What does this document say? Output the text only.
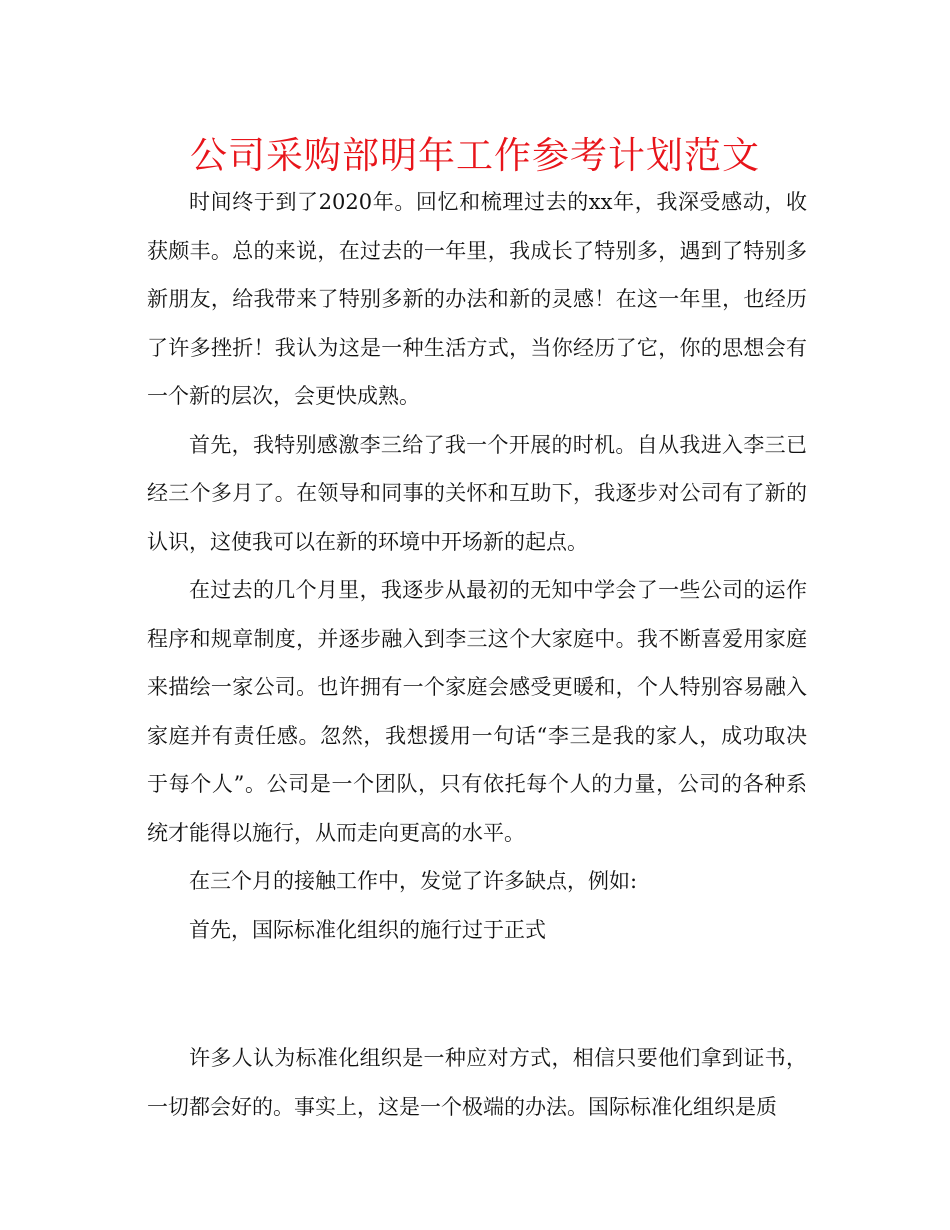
公司采购部明年工作参考计划范文

时间终于到了2020年。回忆和梳理过去的xx年，我深受感动，收获颇丰。总的来说，在过去的一年里，我成长了特别多，遇到了特别多新朋友，给我带来了特别多新的办法和新的灵感！在这一年里，也经历了许多挫折！我认为这是一种生活方式，当你经历了它，你的思想会有一个新的层次，会更快成熟。

首先，我特别感激李三给了我一个开展的时机。自从我进入李三已经三个多月了。在领导和同事的关怀和互助下，我逐步对公司有了新的认识，这使我可以在新的环境中开场新的起点。

在过去的几个月里，我逐步从最初的无知中学会了一些公司的运作程序和规章制度，并逐步融入到李三这个大家庭中。我不断喜爱用家庭来描绘一家公司。也许拥有一个家庭会感受更暖和，个人特别容易融入家庭并有责任感。忽然，我想援用一句话“李三是我的家人，成功取决于每个人”。公司是一个团队，只有依托每个人的力量，公司的各种系统才能得以施行，从而走向更高的水平。

在三个月的接触工作中，发觉了许多缺点，例如:

首先，国际标准化组织的施行过于正式

许多人认为标准化组织是一种应对方式，相信只要他们拿到证书，一切都会好的。事实上，这是一个极端的办法。国际标准化组织是质
